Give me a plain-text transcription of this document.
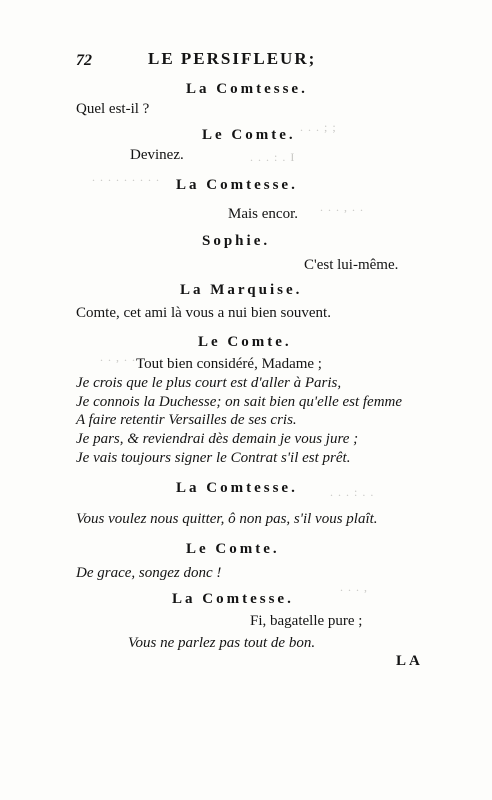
. . . : . I
. . . ; ;
. . . . . . . . .
. . . , . .
. . , . . .
. . . : . .
. . . ,
72	LE PERSIFLEUR;
La Comtesse.
Quel est-il ?
Le Comte.
Devinez.
La Comtesse.
Mais encor.
Sophie.
C'est lui-même.
La Marquise.
Comte, cet ami là vous a nui bien souvent.
Le Comte.
Tout bien considéré, Madame ;
Je crois que le plus court est d'aller à Paris,
Je connois la Duchesse; on sait bien qu'elle est femme
A faire retentir Versailles de ses cris.
Je pars, & reviendrai dès demain je vous jure ;
Je vais toujours signer le Contrat s'il est prêt.
La Comtesse.
Vous voulez nous quitter, ô non pas, s'il vous plaît.
Le Comte.
De grace, songez donc !
La Comtesse.
Fi, bagatelle pure ;
Vous ne parlez pas tout de bon.
LA
